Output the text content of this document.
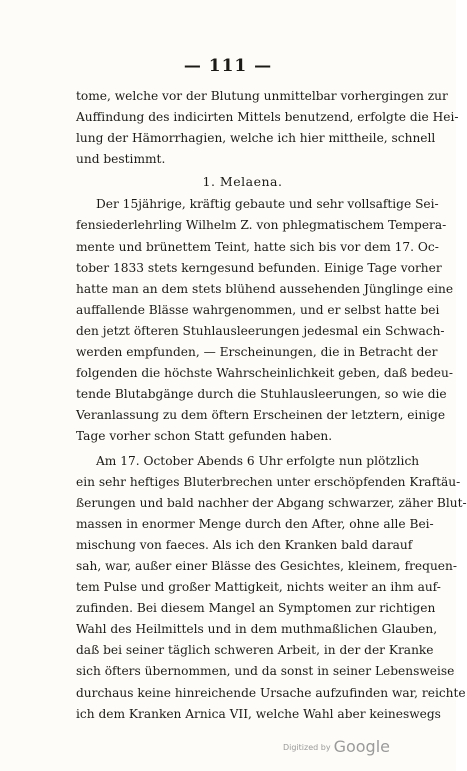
— 111 —
tome, welche vor der Blutung unmittelbar vorhergingen zur
Auffindung des indicirten Mittels benutzend, erfolgte die Hei-
lung der Hämorrhagien, welche ich hier mittheile, schnell
und bestimmt.
1. Melaena.
Der 15jährige, kräftig gebaute und sehr vollsaftige Sei-
fensiederlehrling Wilhelm Z. von phlegmatischem Tempera-
mente und brünettem Teint, hatte sich bis vor dem 17. Oc-
tober 1833 stets kerngesund befunden. Einige Tage vorher
hatte man an dem stets blühend aussehenden Jünglinge eine
auffallende Blässe wahrgenommen, und er selbst hatte bei
den jetzt öfteren Stuhlausleerungen jedesmal ein Schwach-
werden empfunden, — Erscheinungen, die in Betracht der
folgenden die höchste Wahrscheinlichkeit geben, daß bedeu-
tende Blutabgänge durch die Stuhlausleerungen, so wie die
Veranlassung zu dem öftern Erscheinen der letztern, einige
Tage vorher schon Statt gefunden haben.
Am 17. October Abends 6 Uhr erfolgte nun plötzlich
ein sehr heftiges Bluterbrechen unter erschöpfenden Kraftäu-
ßerungen und bald nachher der Abgang schwarzer, zäher Blut-
massen in enormer Menge durch den After, ohne alle Bei-
mischung von faeces. Als ich den Kranken bald darauf
sah, war, außer einer Blässe des Gesichtes, kleinem, frequen-
tem Pulse und großer Mattigkeit, nichts weiter an ihm auf-
zufinden. Bei diesem Mangel an Symptomen zur richtigen
Wahl des Heilmittels und in dem muthmaßlichen Glauben,
daß bei seiner täglich schweren Arbeit, in der der Kranke
sich öfters übernommen, und da sonst in seiner Lebensweise
durchaus keine hinreichende Ursache aufzufinden war, reichte
ich dem Kranken Arnica VII, welche Wahl aber keineswegs
Digitized by Google
